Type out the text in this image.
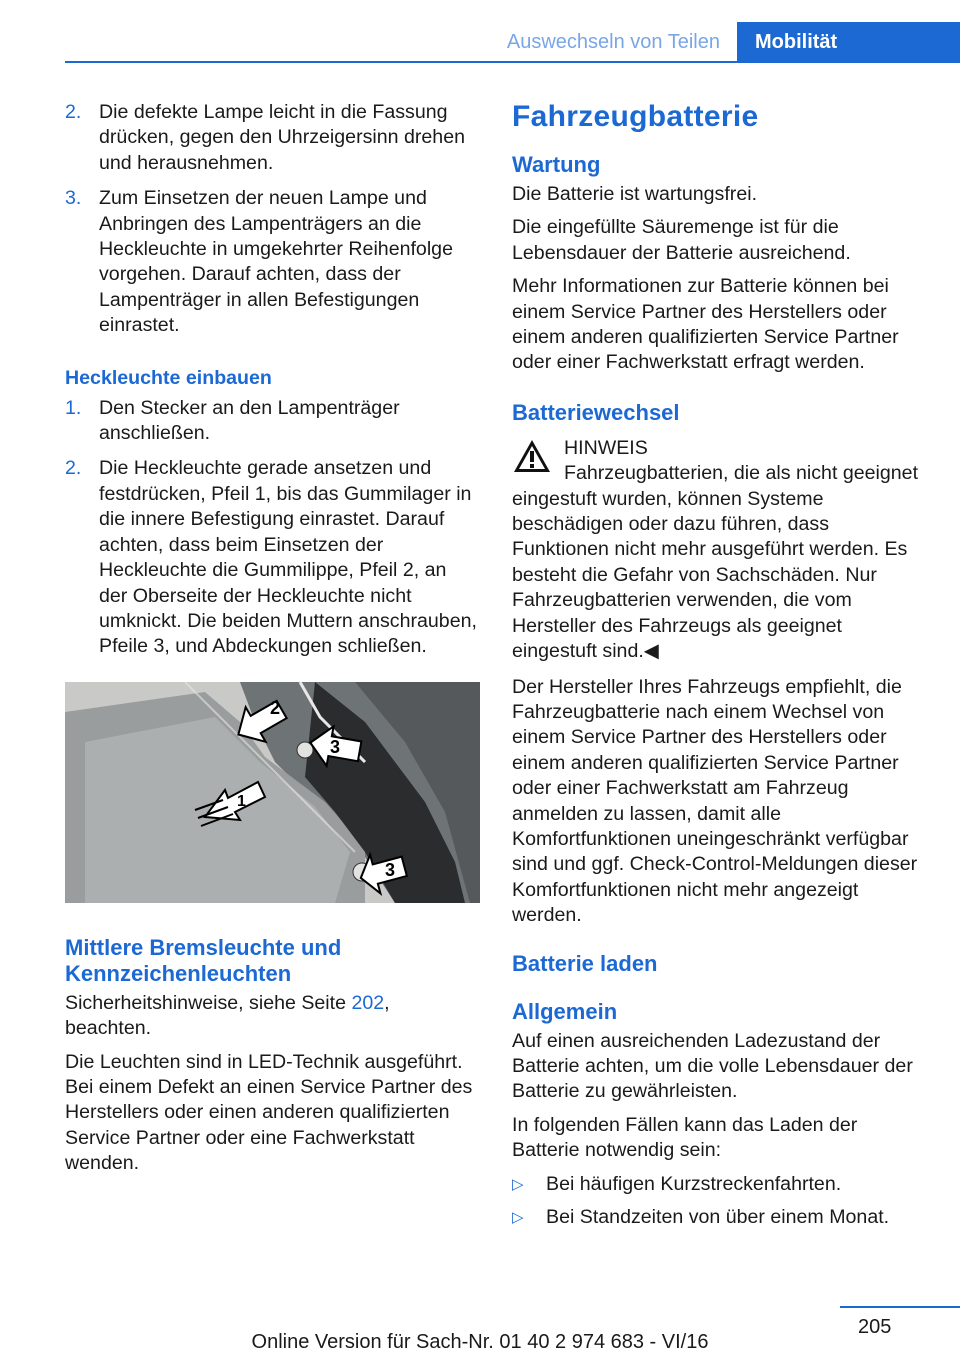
Auswechseln von Teilen	Mobilität
2. Die defekte Lampe leicht in die Fassung drücken, gegen den Uhrzeigersinn drehen und herausnehmen.
3. Zum Einsetzen der neuen Lampe und Anbringen des Lampenträgers an die Heckleuchte in umgekehrter Reihenfolge vorgehen. Darauf achten, dass der Lampenträger in allen Befestigungen einrastet.
Heckleuchte einbauen
1. Den Stecker an den Lampenträger anschließen.
2. Die Heckleuchte gerade ansetzen und festdrücken, Pfeil 1, bis das Gummilager in die innere Befestigung einrastet. Darauf achten, dass beim Einsetzen der Heckleuchte die Gummilippe, Pfeil 2, an der Oberseite der Heckleuchte nicht umknickt. Die beiden Muttern anschrauben, Pfeile 3, und Abdeckungen schließen.
2
3
1
3
Mittlere Bremsleuchte und Kennzeichenleuchten

Sicherheitshinweise, siehe Seite 202, beachten.

Die Leuchten sind in LED-Technik ausgeführt. Bei einem Defekt an einen Service Partner des Herstellers oder einen anderen qualifizierten Service Partner oder eine Fachwerkstatt wenden.

Fahrzeugbatterie
Wartung

Die Batterie ist wartungsfrei.

Die eingefüllte Säuremenge ist für die Lebensdauer der Batterie ausreichend.

Mehr Informationen zur Batterie können bei einem Service Partner des Herstellers oder einem anderen qualifizierten Service Partner oder einer Fachwerkstatt erfragt werden.

Batteriewechsel
HINWEIS

Fahrzeugbatterien, die als nicht geeignet eingestuft wurden, können Systeme beschädigen oder dazu führen, dass Funktionen nicht mehr ausgeführt werden. Es besteht die Gefahr von Sachschäden. Nur Fahrzeugbatterien verwenden, die vom Hersteller des Fahrzeugs als geeignet eingestuft sind.◀

Der Hersteller Ihres Fahrzeugs empfiehlt, die Fahrzeugbatterie nach einem Wechsel von einem Service Partner des Herstellers oder einem anderen qualifizierten Service Partner oder einer Fachwerkstatt am Fahrzeug anmelden zu lassen, damit alle Komfortfunktionen uneingeschränkt verfügbar sind und ggf. Check-Control-Meldungen dieser Komfortfunktionen nicht mehr angezeigt werden.

Batterie laden
Allgemein

Auf einen ausreichenden Ladezustand der Batterie achten, um die volle Lebensdauer der Batterie zu gewährleisten.

In folgenden Fällen kann das Laden der Batterie notwendig sein:

▷ Bei häufigen Kurzstreckenfahrten.
▷ Bei Standzeiten von über einem Monat.
205
Online Version für Sach-Nr. 01 40 2 974 683 - VI/16
